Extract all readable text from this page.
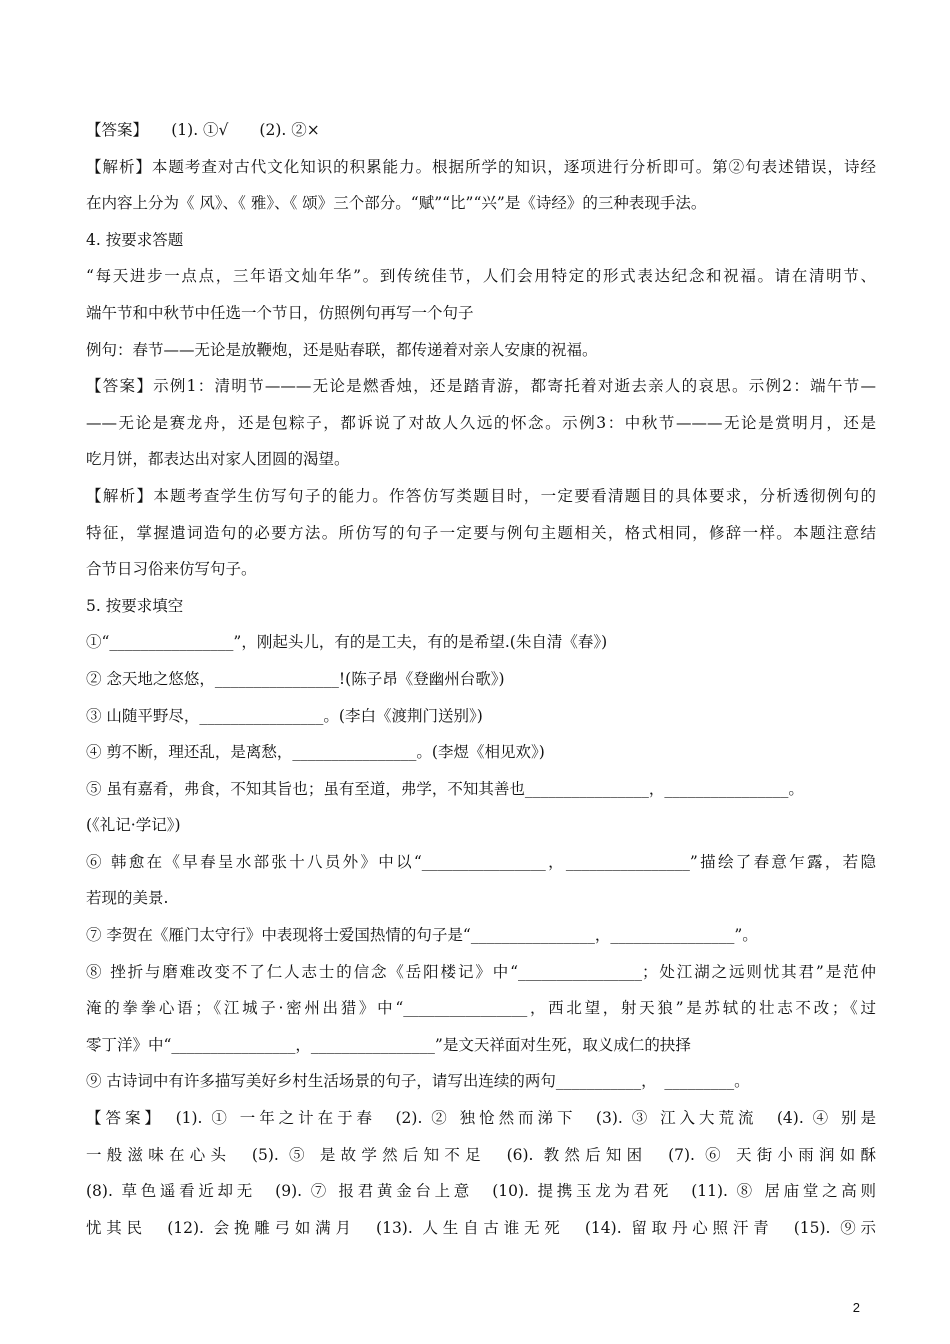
【答案】　　(1). ①√　　(2). ②×
【解析】本题考查对古代文化知识的积累能力。根据所学的知识，逐项进行分析即可。第②句表述错误，诗经
在内容上分为《 风》、《 雅》、《 颂》三个部分。“赋”“比”“兴”是《诗经》的三种表现手法。
4. 按要求答题
“每天进步一点点，三年语文灿年华”。到传统佳节，人们会用特定的形式表达纪念和祝福。请在清明节、
端午节和中秋节中任选一个节日，仿照例句再写一个句子
例句：春节——无论是放鞭炮，还是贴春联，都传递着对亲人安康的祝福。
【答案】示例1：清明节———无论是燃香烛，还是踏青游，都寄托着对逝去亲人的哀思。示例2：端午节—
——无论是赛龙舟，还是包粽子，都诉说了对故人久远的怀念。示例3：中秋节———无论是赏明月，还是
吃月饼，都表达出对家人团圆的渴望。
【解析】本题考查学生仿写句子的能力。作答仿写类题目时，一定要看清题目的具体要求，分析透彻例句的
特征，掌握遣词造句的必要方法。所仿写的句子一定要与例句主题相关，格式相同，修辞一样。本题注意结
合节日习俗来仿写句子。
5. 按要求填空
①“________________”，刚起头儿，有的是工夫，有的是希望.(朱自清《春》)
② 念天地之悠悠，________________!(陈子昂《登幽州台歌》)
③ 山随平野尽，________________。(李白《渡荆门送别》)
④ 剪不断，理还乱，是离愁，________________。(李煜《相见欢》)
⑤ 虽有嘉肴，弗食，不知其旨也；虽有至道，弗学，不知其善也________________，________________。
(《礼记·学记》)
⑥ 韩愈在《早春呈水部张十八员外》中以“________________，________________”描绘了春意乍露，若隐
若现的美景.
⑦ 李贺在《雁门太守行》中表现将士爱国热情的句子是“________________，________________”。
⑧ 挫折与磨难改变不了仁人志士的信念《岳阳楼记》中“________________；处江湖之远则忧其君”是范仲
淹的拳拳心语；《江城子·密州出猎》中“________________，西北望，射天狼”是苏轼的壮志不改；《过
零丁洋》中“________________，________________”是文天祥面对生死，取义成仁的抉择
⑨ 古诗词中有许多描写美好乡村生活场景的句子，请写出连续的两句___________，　_________。
【答案】　(1). ① 一年之计在于春　(2). ② 独怆然而涕下　(3). ③ 江入大荒流　(4). ④ 别是
一般滋味在心头　(5). ⑤ 是故学然后知不足　(6). 教然后知困　(7). ⑥ 天街小雨润如酥
(8). 草色遥看近却无　(9). ⑦ 报君黄金台上意　(10). 提携玉龙为君死　(11). ⑧ 居庙堂之高则
忧其民　(12). 会挽雕弓如满月　(13). 人生自古谁无死　(14). 留取丹心照汗青　(15). ⑨示
2
